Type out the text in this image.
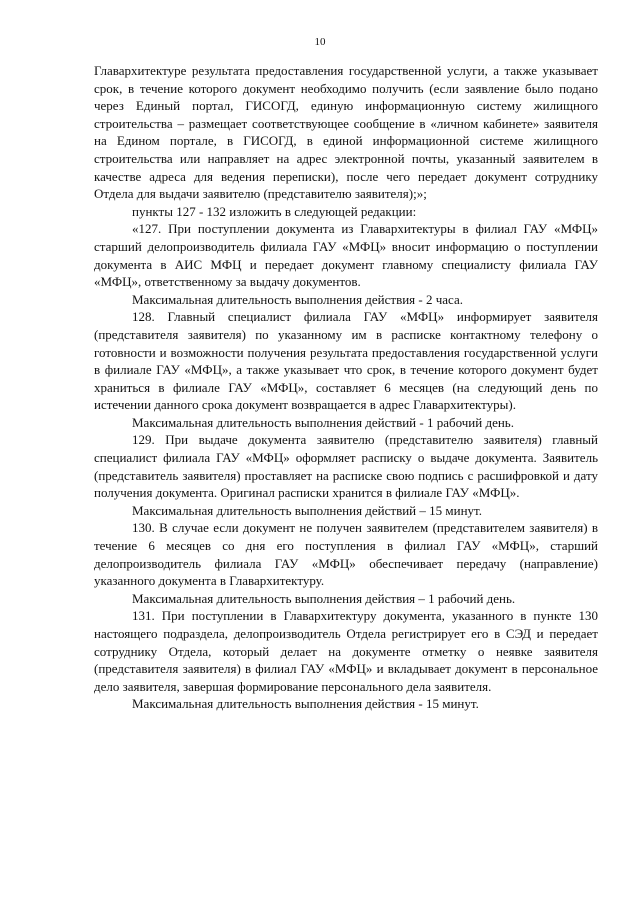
10

Главархитектуре результата предоставления государственной услуги, а также указывает срок, в течение которого документ необходимо получить (если заявление было подано через Единый портал, ГИСОГД, единую информационную систему жилищного строительства – размещает соответствующее сообщение в «личном кабинете» заявителя на Едином портале, в ГИСОГД, в единой информационной системе жилищного строительства или направляет на адрес электронной почты, указанный заявителем в качестве адреса для ведения переписки), после чего передает документ сотруднику Отдела для выдачи заявителю (представителю заявителя);»;

пункты 127 - 132 изложить в следующей редакции:

«127. При поступлении документа из Главархитектуры в филиал ГАУ «МФЦ» старший делопроизводитель филиала ГАУ «МФЦ» вносит информацию о поступлении документа в АИС МФЦ и передает документ главному специалисту филиала ГАУ «МФЦ», ответственному за выдачу документов.

Максимальная длительность выполнения действия - 2 часа.

128. Главный специалист филиала ГАУ «МФЦ» информирует заявителя (представителя заявителя) по указанному им в расписке контактному телефону о готовности и возможности получения результата предоставления государственной услуги в филиале ГАУ «МФЦ», а также указывает что срок, в течение которого документ будет храниться в филиале ГАУ «МФЦ», составляет 6 месяцев (на следующий день по истечении данного срока документ возвращается в адрес Главархитектуры).

Максимальная длительность выполнения действий - 1 рабочий день.

129. При выдаче документа заявителю (представителю заявителя) главный специалист филиала ГАУ «МФЦ» оформляет расписку о выдаче документа. Заявитель (представитель заявителя) проставляет на расписке свою подпись с расшифровкой и дату получения документа. Оригинал расписки хранится в филиале ГАУ «МФЦ».

Максимальная длительность выполнения действий – 15 минут.

130. В случае если документ не получен заявителем (представителем заявителя) в течение 6 месяцев со дня его поступления в филиал ГАУ «МФЦ», старший делопроизводитель филиала ГАУ «МФЦ» обеспечивает передачу (направление) указанного документа в Главархитектуру.

Максимальная длительность выполнения действия – 1 рабочий день.

131. При поступлении в Главархитектуру документа, указанного в пункте 130 настоящего подраздела, делопроизводитель Отдела регистрирует его в СЭД и передает сотруднику Отдела, который делает на документе отметку о неявке заявителя (представителя заявителя) в филиал ГАУ «МФЦ» и вкладывает документ в персональное дело заявителя, завершая формирование персонального дела заявителя.

Максимальная длительность выполнения действия - 15 минут.
